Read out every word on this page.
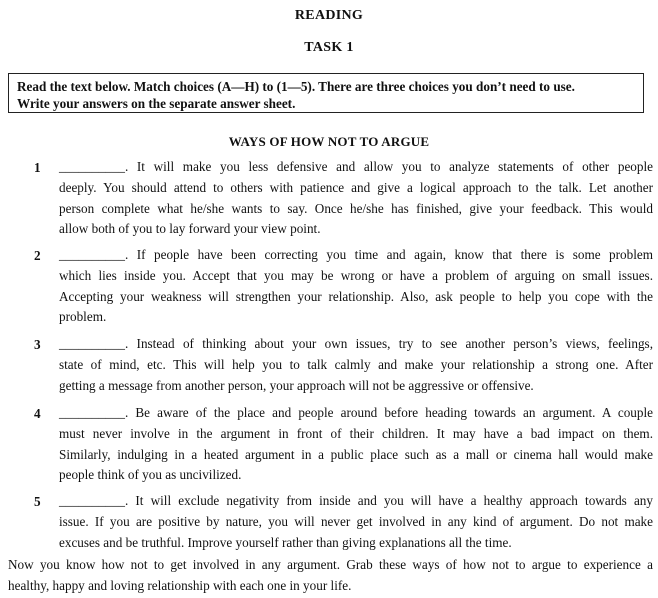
READING
TASK 1
Read the text below. Match choices (A—H) to (1—5). There are three choices you don’t need to use.
Write your answers on the separate answer sheet.
WAYS OF HOW NOT TO ARGUE
1 __________. It will make you less defensive and allow you to analyze statements of other people
deeply. You should attend to others with patience and give a logical approach to the talk. Let another
person complete what he/she wants to say. Once he/she has finished, give your feedback. This would
allow both of you to lay forward your view point.
2 __________. If people have been correcting you time and again, know that there is some problem
which lies inside you. Accept that you may be wrong or have a problem of arguing on small issues.
Accepting your weakness will strengthen your relationship. Also, ask people to help you cope with the
problem.
3 __________. Instead of thinking about your own issues, try to see another person’s views, feelings,
state of mind, etc. This will help you to talk calmly and make your relationship a strong one. After
getting a message from another person, your approach will not be aggressive or offensive.
4 __________. Be aware of the place and people around before heading towards an argument. A couple
must never involve in the argument in front of their children. It may have a bad impact on them.
Similarly, indulging in a heated argument in a public place such as a mall or cinema hall would make
people think of you as uncivilized.
5 __________. It will exclude negativity from inside and you will have a healthy approach towards any
issue. If you are positive by nature, you will never get involved in any kind of argument. Do not make
excuses and be truthful. Improve yourself rather than giving explanations all the time.
Now you know how not to get involved in any argument. Grab these ways of how not to argue to experience a
healthy, happy and loving relationship with each one in your life.
